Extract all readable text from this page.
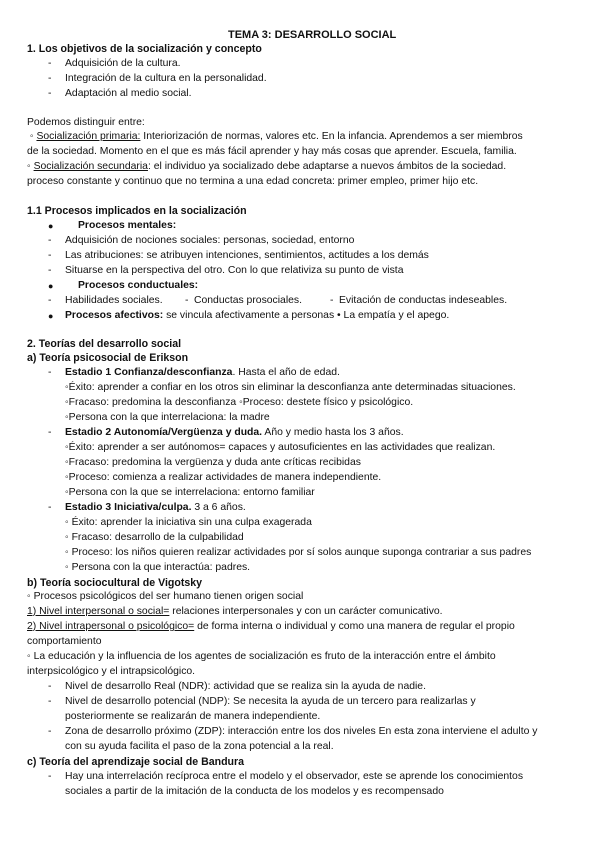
TEMA 3: DESARROLLO SOCIAL
1. Los objetivos de la socialización y concepto
-	Adquisición de la cultura.
-	Integración de la cultura en la personalidad.
-	Adaptación al medio social.
Podemos distinguir entre:
◦ Socialización primaria: Interiorización de normas, valores etc. En la infancia. Aprendemos a ser miembros
de la sociedad. Momento en el que es más fácil aprender y hay más cosas que aprender. Escuela, familia.
◦ Socialización secundaria: el individuo ya socializado debe adaptarse a nuevos ámbitos de la sociedad.
proceso constante y continuo que no termina a una edad concreta: primer empleo, primer hijo etc.
1.1 Procesos implicados en la socialización
● Procesos mentales:
-	Adquisición de nociones sociales: personas, sociedad, entorno
-	Las atribuciones: se atribuyen intenciones, sentimientos, actitudes a los demás
-	Situarse en la perspectiva del otro. Con lo que relativiza su punto de vista
● Procesos conductuales:
-	Habilidades sociales. - Conductas prosociales.	- Evitación de conductas indeseables.
● Procesos afectivos: se vincula afectivamente a personas • La empatía y el apego.
2. Teorías del desarrollo social
a) Teoría psicosocial de Erikson
-	Estadio 1 Confianza/desconfianza. Hasta el año de edad.
◦Éxito: aprender a confiar en los otros sin eliminar la desconfianza ante determinadas situaciones.
◦Fracaso: predomina la desconfianza ◦Proceso: destete físico y psicológico.
◦Persona con la que interrelaciona: la madre
-	Estadio 2 Autonomía/Vergüenza y duda. Año y medio hasta los 3 años.
◦Éxito: aprender a ser autónomos= capaces y autosuficientes en las actividades que realizan.
◦Fracaso: predomina la vergüenza y duda ante críticas recibidas
◦Proceso: comienza a realizar actividades de manera independiente.
◦Persona con la que se interrelaciona: entorno familiar
-	Estadio 3 Iniciativa/culpa. 3 a 6 años.
◦ Éxito: aprender la iniciativa sin una culpa exagerada
◦ Fracaso: desarrollo de la culpabilidad
◦ Proceso: los niños quieren realizar actividades por sí solos aunque suponga contrariar a sus padres
◦ Persona con la que interactúa: padres.
b) Teoría sociocultural de Vigotsky
◦ Procesos psicológicos del ser humano tienen origen social
1) Nivel interpersonal o social= relaciones interpersonales y con un carácter comunicativo.
2) Nivel intrapersonal o psicológico= de forma interna o individual y como una manera de regular el propio
comportamiento
◦ La educación y la influencia de los agentes de socialización es fruto de la interacción entre el ámbito
interpsicológico y el intrapsicológico.
-	Nivel de desarrollo Real (NDR): actividad que se realiza sin la ayuda de nadie.
-	Nivel de desarrollo potencial (NDP): Se necesita la ayuda de un tercero para realizarlas y
posteriormente se realizarán de manera independiente.
-	Zona de desarrollo próximo (ZDP): interacción entre los dos niveles En esta zona interviene el adulto y
con su ayuda facilita el paso de la zona potencial a la real.
c) Teoría del aprendizaje social de Bandura
-	Hay una interrelación recíproca entre el modelo y el observador, este se aprende los conocimientos
sociales a partir de la imitación de la conducta de los modelos y es recompensado
